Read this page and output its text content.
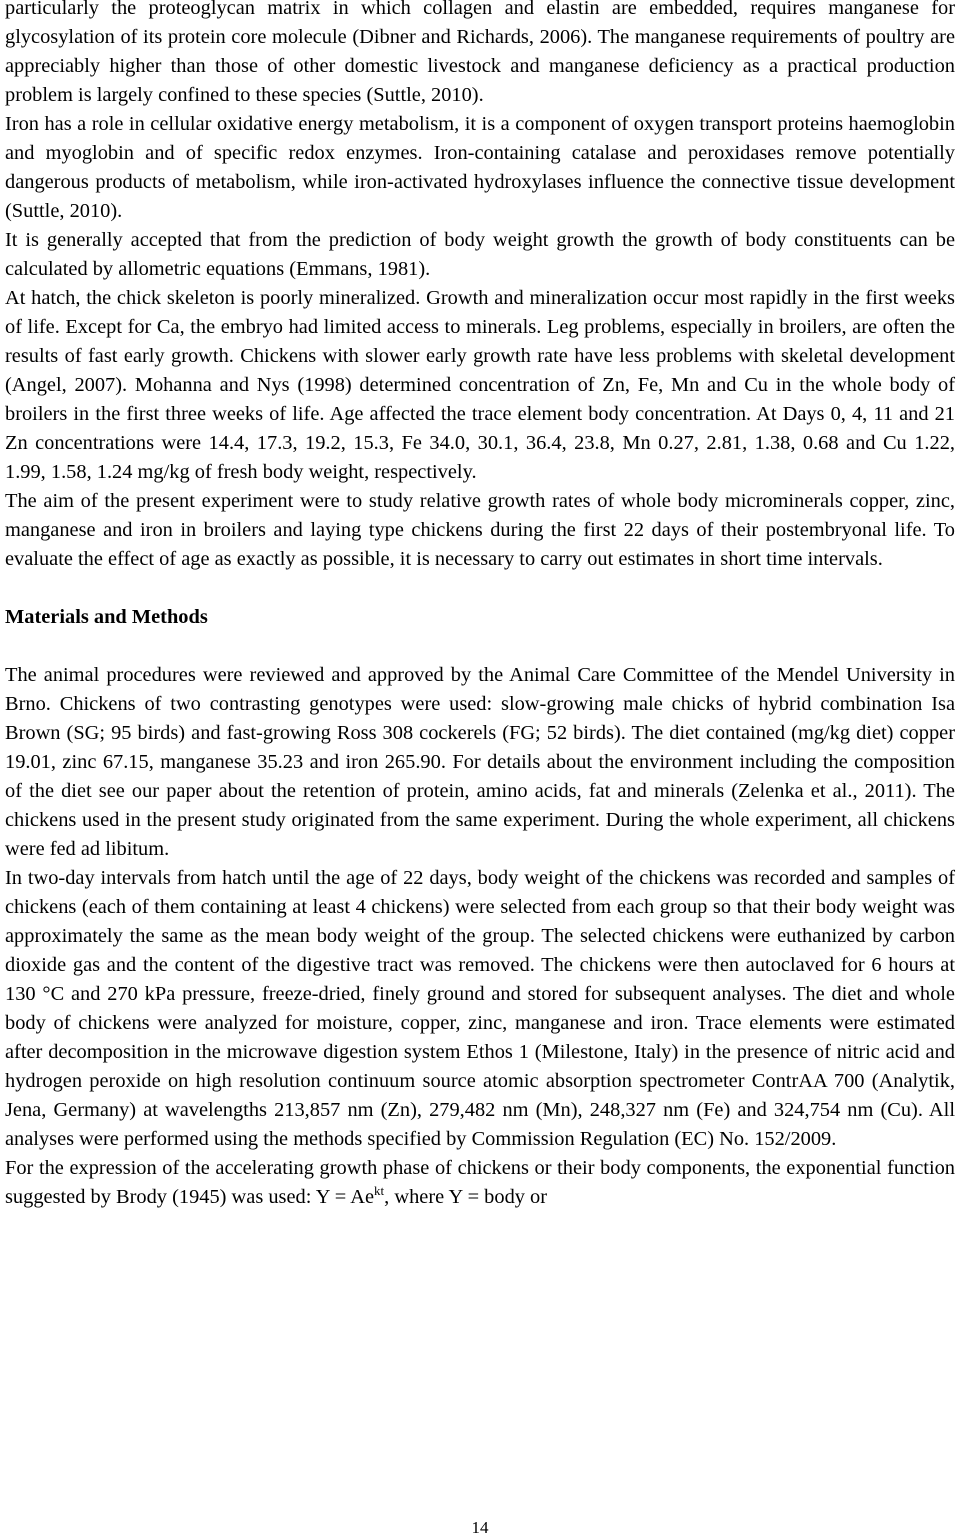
particularly the proteoglycan matrix in which collagen and elastin are embedded, requires manganese for glycosylation of its protein core molecule (Dibner and Richards, 2006). The manganese requirements of poultry are appreciably higher than those of other domestic livestock and manganese deficiency as a practical production problem is largely confined to these species (Suttle, 2010).

Iron has a role in cellular oxidative energy metabolism, it is a component of oxygen transport proteins haemoglobin and myoglobin and of specific redox enzymes. Iron-containing catalase and peroxidases remove potentially dangerous products of metabolism, while iron-activated hydroxylases influence the connective tissue development (Suttle, 2010).

It is generally accepted that from the prediction of body weight growth the growth of body constituents can be calculated by allometric equations (Emmans, 1981).

At hatch, the chick skeleton is poorly mineralized. Growth and mineralization occur most rapidly in the first weeks of life. Except for Ca, the embryo had limited access to minerals. Leg problems, especially in broilers, are often the results of fast early growth. Chickens with slower early growth rate have less problems with skeletal development (Angel, 2007). Mohanna and Nys (1998) determined concentration of Zn, Fe, Mn and Cu in the whole body of broilers in the first three weeks of life. Age affected the trace element body concentration. At Days 0, 4, 11 and 21 Zn concentrations were 14.4, 17.3, 19.2, 15.3, Fe 34.0, 30.1, 36.4, 23.8, Mn 0.27, 2.81, 1.38, 0.68 and Cu 1.22, 1.99, 1.58, 1.24 mg/kg of fresh body weight, respectively.

The aim of the present experiment were to study relative growth rates of whole body microminerals copper, zinc, manganese and iron in broilers and laying type chickens during the first 22 days of their postembryonal life. To evaluate the effect of age as exactly as possible, it is necessary to carry out estimates in short time intervals.

Materials and Methods

The animal procedures were reviewed and approved by the Animal Care Committee of the Mendel University in Brno. Chickens of two contrasting genotypes were used: slow-growing male chicks of hybrid combination Isa Brown (SG; 95 birds) and fast-growing Ross 308 cockerels (FG; 52 birds). The diet contained (mg/kg diet) copper 19.01, zinc 67.15, manganese 35.23 and iron 265.90. For details about the environment including the composition of the diet see our paper about the retention of protein, amino acids, fat and minerals (Zelenka et al., 2011). The chickens used in the present study originated from the same experiment. During the whole experiment, all chickens were fed ad libitum.

In two-day intervals from hatch until the age of 22 days, body weight of the chickens was recorded and samples of chickens (each of them containing at least 4 chickens) were selected from each group so that their body weight was approximately the same as the mean body weight of the group. The selected chickens were euthanized by carbon dioxide gas and the content of the digestive tract was removed. The chickens were then autoclaved for 6 hours at 130 °C and 270 kPa pressure, freeze-dried, finely ground and stored for subsequent analyses. The diet and whole body of chickens were analyzed for moisture, copper, zinc, manganese and iron. Trace elements were estimated after decomposition in the microwave digestion system Ethos 1 (Milestone, Italy) in the presence of nitric acid and hydrogen peroxide on high resolution continuum source atomic absorption spectrometer ContrAA 700 (Analytik, Jena, Germany) at wavelengths 213,857 nm (Zn), 279,482 nm (Mn), 248,327 nm (Fe) and 324,754 nm (Cu). All analyses were performed using the methods specified by Commission Regulation (EC) No. 152/2009.

For the expression of the accelerating growth phase of chickens or their body components, the exponential function suggested by Brody (1945) was used: $Y = Ae^{kt}$, where Y = body or

14
